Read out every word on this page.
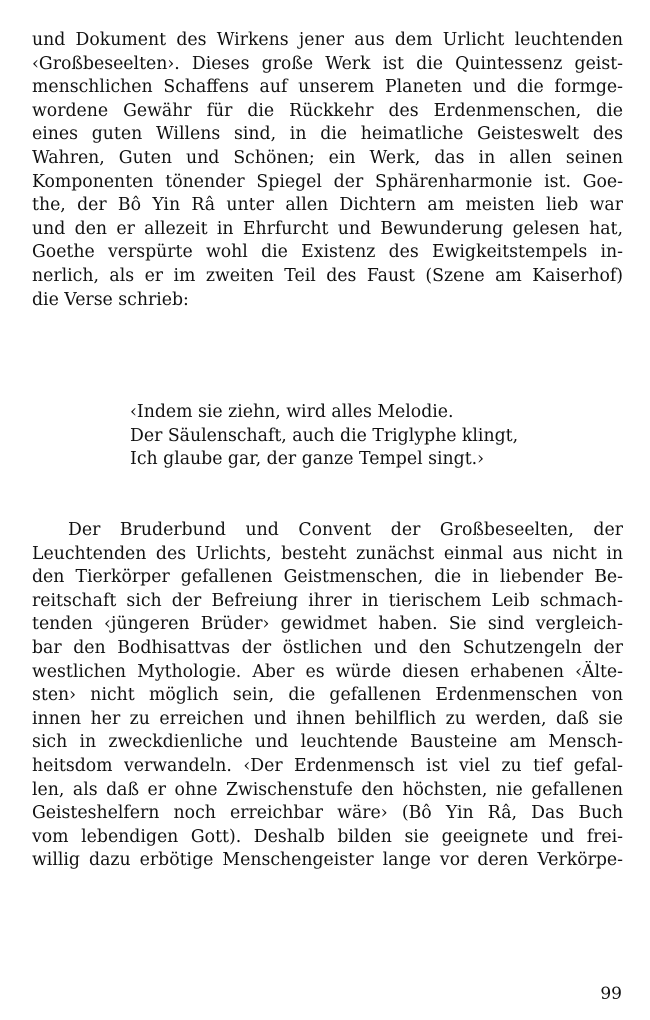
und Dokument des Wirkens jener aus dem Urlicht leuchtenden
‹Großbeseelten›. Dieses große Werk ist die Quintessenz geist-
menschlichen Schaffens auf unserem Planeten und die formge-
wordene Gewähr für die Rückkehr des Erdenmenschen, die
eines guten Willens sind, in die heimatliche Geisteswelt des
Wahren, Guten und Schönen; ein Werk, das in allen seinen
Komponenten tönender Spiegel der Sphärenharmonie ist. Goe-
the, der Bô Yin Râ unter allen Dichtern am meisten lieb war
und den er allezeit in Ehrfurcht und Bewunderung gelesen hat,
Goethe verspürte wohl die Existenz des Ewigkeitstempels in-
nerlich, als er im zweiten Teil des Faust (Szene am Kaiserhof)
die Verse schrieb:
‹Indem sie ziehn, wird alles Melodie.
Der Säulenschaft, auch die Triglyphe klingt,
Ich glaube gar, der ganze Tempel singt.›
Der Bruderbund und Convent der Großbeseelten, der
Leuchtenden des Urlichts, besteht zunächst einmal aus nicht in
den Tierkörper gefallenen Geistmenschen, die in liebender Be-
reitschaft sich der Befreiung ihrer in tierischem Leib schmach-
tenden ‹jüngeren Brüder› gewidmet haben. Sie sind vergleich-
bar den Bodhisattvas der östlichen und den Schutzengeln der
westlichen Mythologie. Aber es würde diesen erhabenen ‹Älte-
sten› nicht möglich sein, die gefallenen Erdenmenschen von
innen her zu erreichen und ihnen behilflich zu werden, daß sie
sich in zweckdienliche und leuchtende Bausteine am Mensch-
heitsdom verwandeln. ‹Der Erdenmensch ist viel zu tief gefal-
len, als daß er ohne Zwischenstufe den höchsten, nie gefallenen
Geisteshelfern noch erreichbar wäre› (Bô Yin Râ, Das Buch
vom lebendigen Gott). Deshalb bilden sie geeignete und frei-
willig dazu erbötige Menschengeister lange vor deren Verkörpe-
99
